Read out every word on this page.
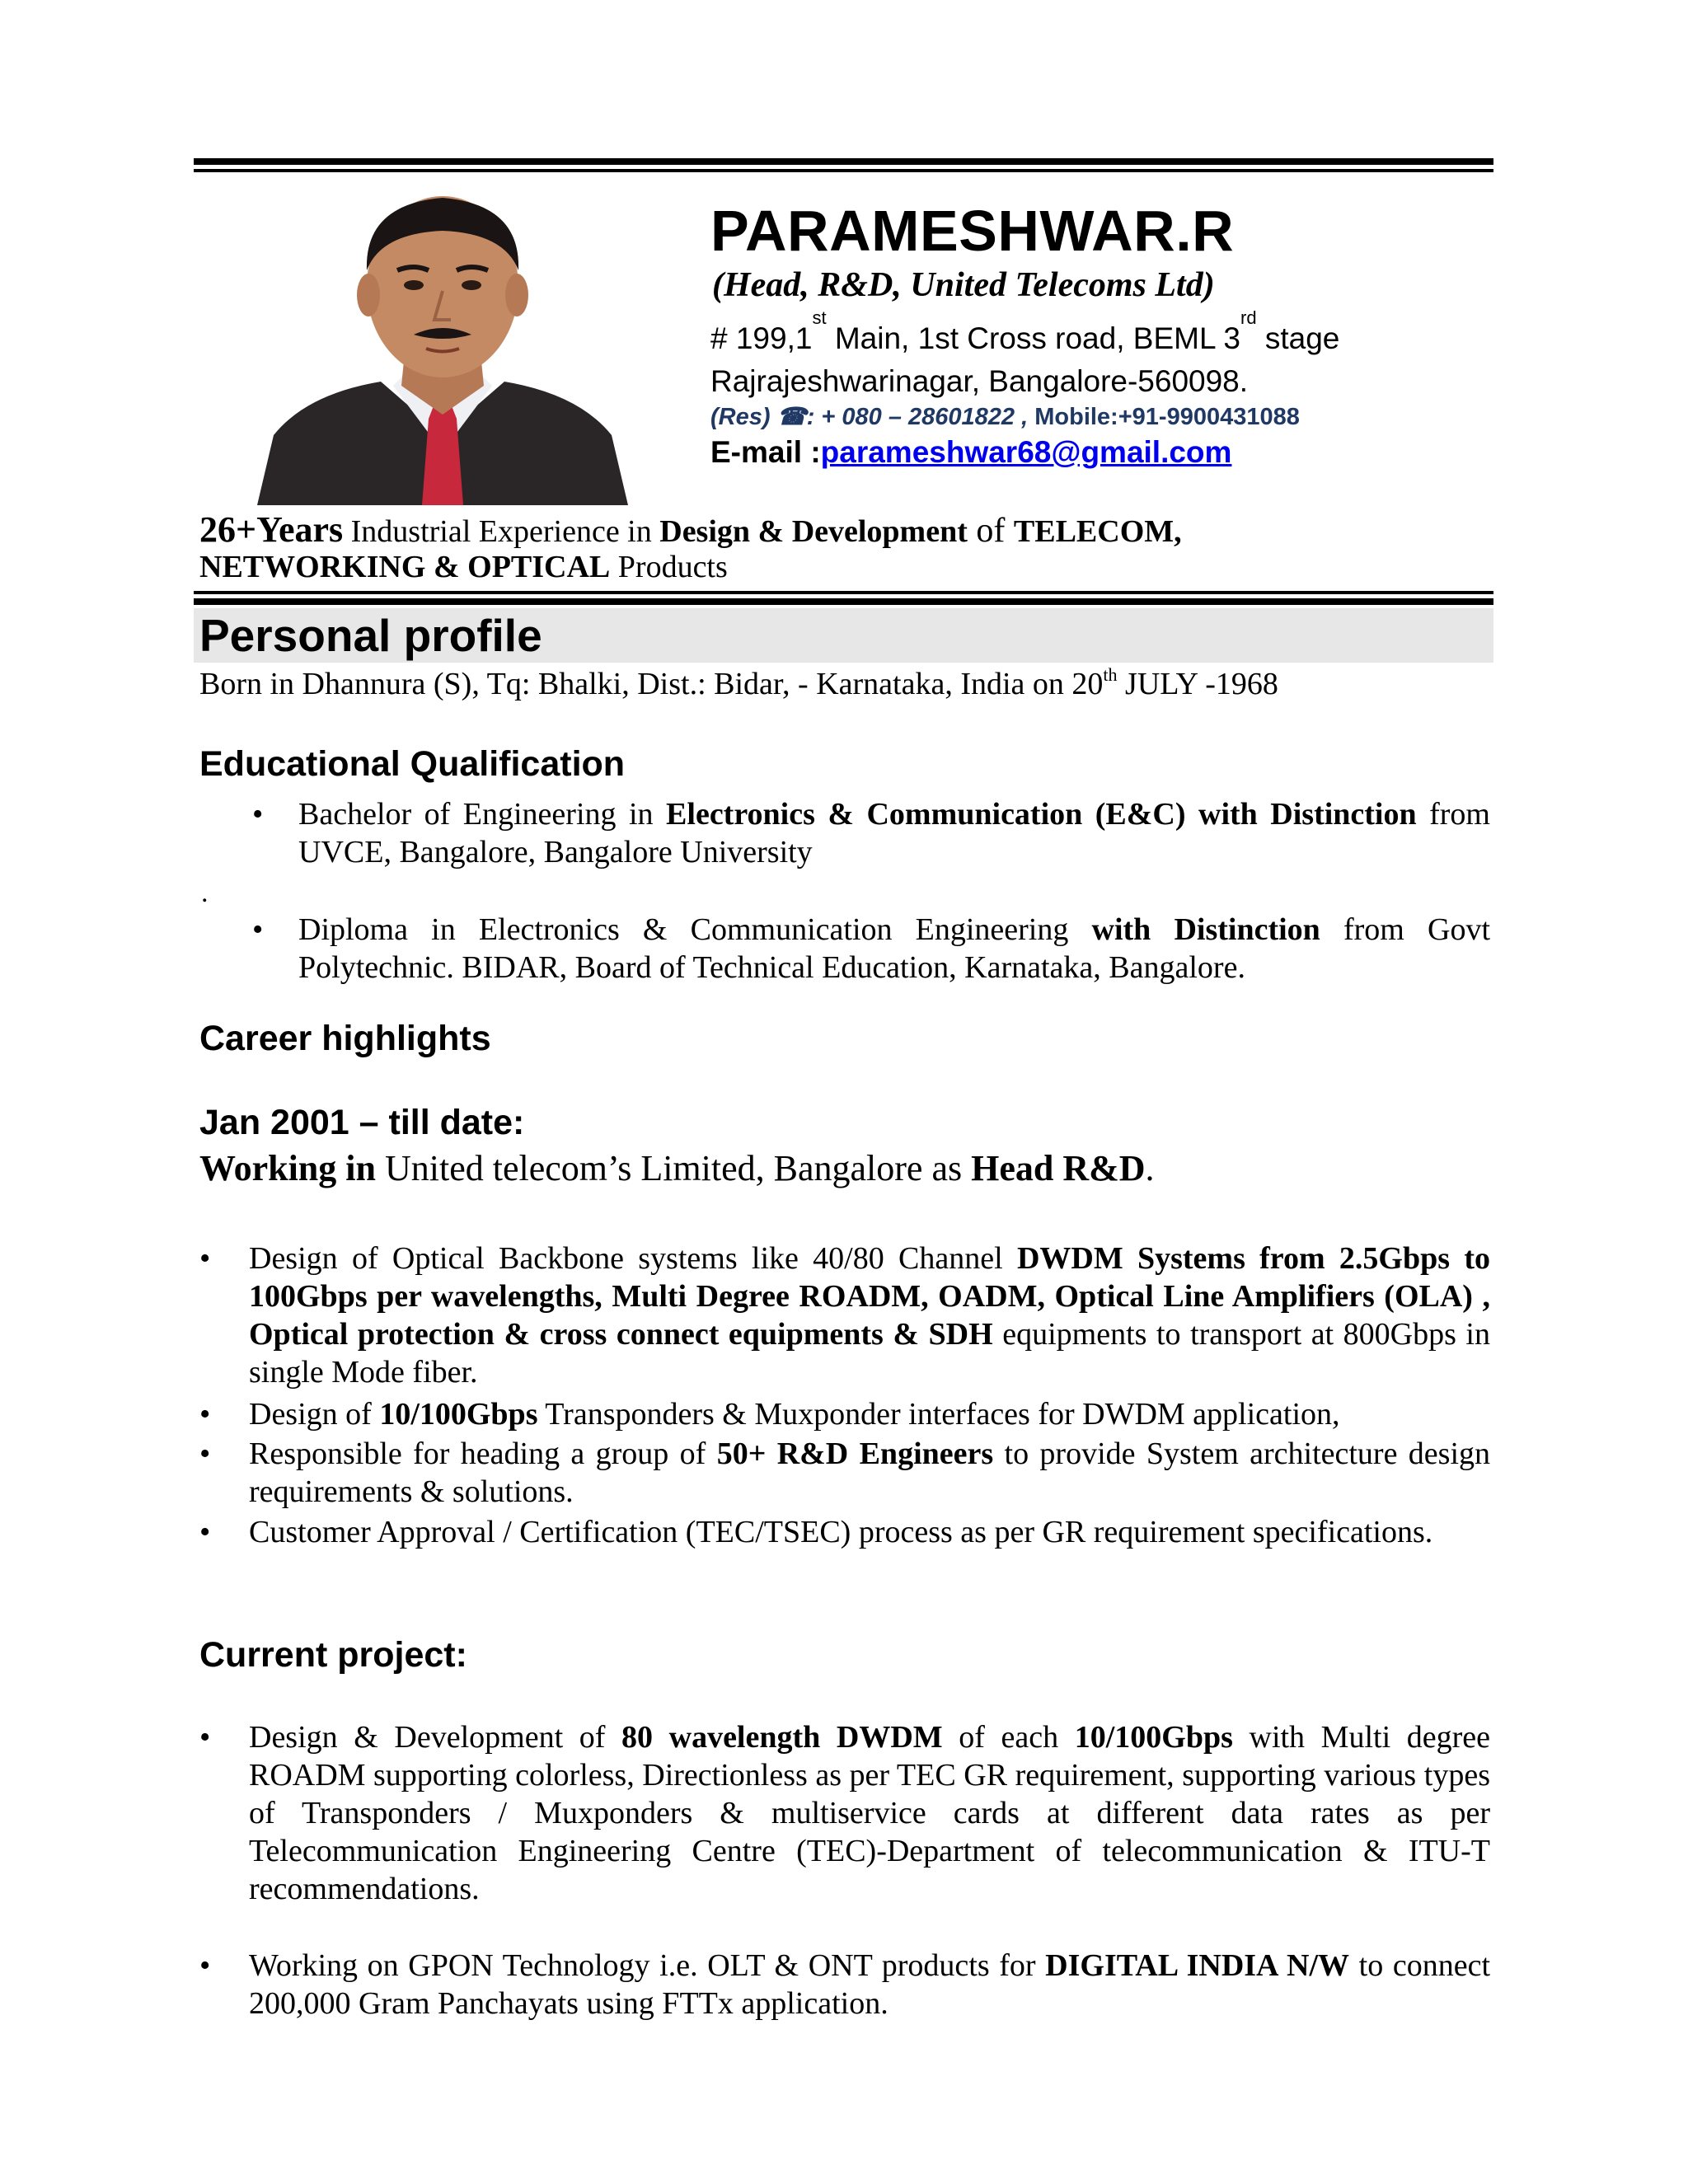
PARAMESHWAR.R
(Head, R&D, United Telecoms Ltd)
# 199,1st Main, 1st Cross road, BEML 3rd stage
Rajrajeshwarinagar, Bangalore-560098.
(Res) ☎: + 080 – 28601822 , Mobile:+91-9900431088
E-mail :parameshwar68@gmail.com
26+Years Industrial Experience in Design & Development of TELECOM,
NETWORKING & OPTICAL Products
Personal profile
Born in Dhannura (S), Tq: Bhalki, Dist.: Bidar, - Karnataka, India on 20th JULY -1968
Educational Qualification
• Bachelor of Engineering in Electronics & Communication (E&C) with Distinction from UVCE, Bangalore, Bangalore University
.
• Diploma in Electronics & Communication Engineering with Distinction from Govt Polytechnic. BIDAR, Board of Technical Education, Karnataka, Bangalore.
Career highlights
Jan 2001 – till date:
Working in United telecom’s Limited, Bangalore as Head R&D.
• Design of Optical Backbone systems like 40/80 Channel DWDM Systems from 2.5Gbps to 100Gbps per wavelengths, Multi Degree ROADM, OADM, Optical Line Amplifiers (OLA) , Optical protection & cross connect equipments & SDH equipments to transport at 800Gbps in single Mode fiber.
• Design of 10/100Gbps Transponders & Muxponder interfaces for DWDM application,
• Responsible for heading a group of 50+ R&D Engineers to provide System architecture design requirements & solutions.
• Customer Approval / Certification (TEC/TSEC) process as per GR requirement specifications.
Current project:
• Design & Development of 80 wavelength DWDM of each 10/100Gbps with Multi degree ROADM supporting colorless, Directionless as per TEC GR requirement, supporting various types of Transponders / Muxponders & multiservice cards at different data rates as per Telecommunication Engineering Centre (TEC)-Department of telecommunication & ITU-T recommendations.
• Working on GPON Technology i.e. OLT & ONT products for DIGITAL INDIA N/W to connect 200,000 Gram Panchayats using FTTx application.
